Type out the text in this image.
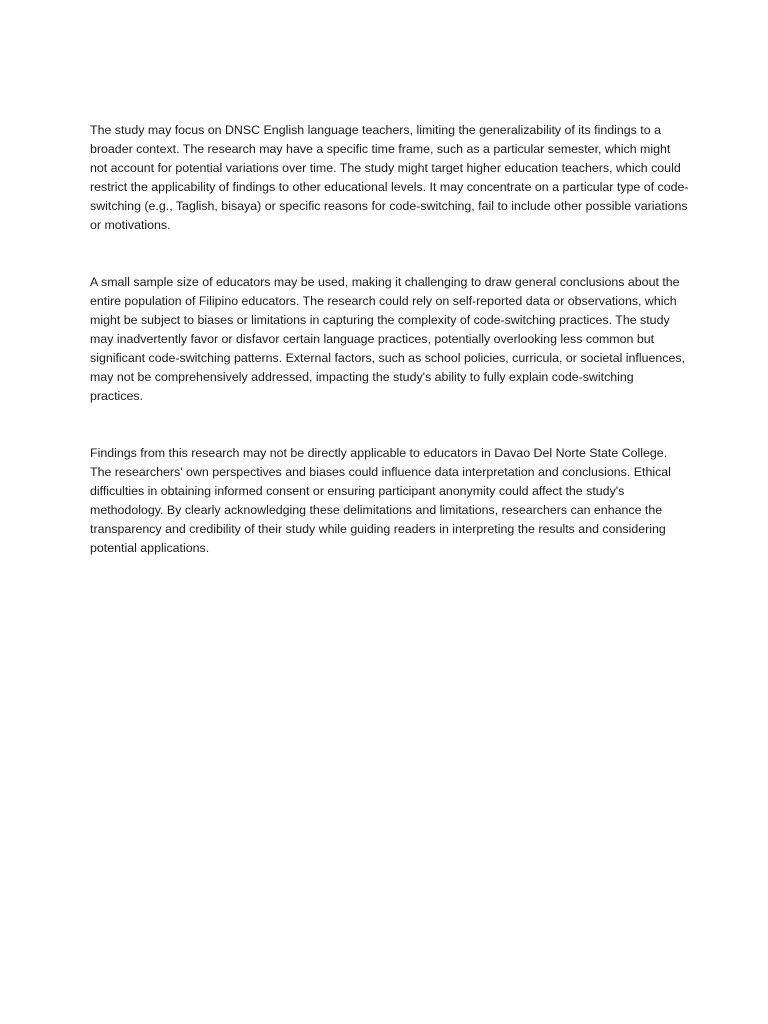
The study may focus on DNSC English language teachers, limiting the generalizability of its findings to a broader context. The research may have a specific time frame, such as a particular semester, which might not account for potential variations over time. The study might target higher education teachers, which could restrict the applicability of findings to other educational levels. It may concentrate on a particular type of code-switching (e.g., Taglish, bisaya) or specific reasons for code-switching, fail to include other possible variations or motivations.

A small sample size of educators may be used, making it challenging to draw general conclusions about the entire population of Filipino educators. The research could rely on self-reported data or observations, which might be subject to biases or limitations in capturing the complexity of code-switching practices. The study may inadvertently favor or disfavor certain language practices, potentially overlooking less common but significant code-switching patterns. External factors, such as school policies, curricula, or societal influences, may not be comprehensively addressed, impacting the study's ability to fully explain code-switching practices.

Findings from this research may not be directly applicable to educators in Davao Del Norte State College. The researchers' own perspectives and biases could influence data interpretation and conclusions. Ethical difficulties in obtaining informed consent or ensuring participant anonymity could affect the study's methodology. By clearly acknowledging these delimitations and limitations, researchers can enhance the transparency and credibility of their study while guiding readers in interpreting the results and considering potential applications.
